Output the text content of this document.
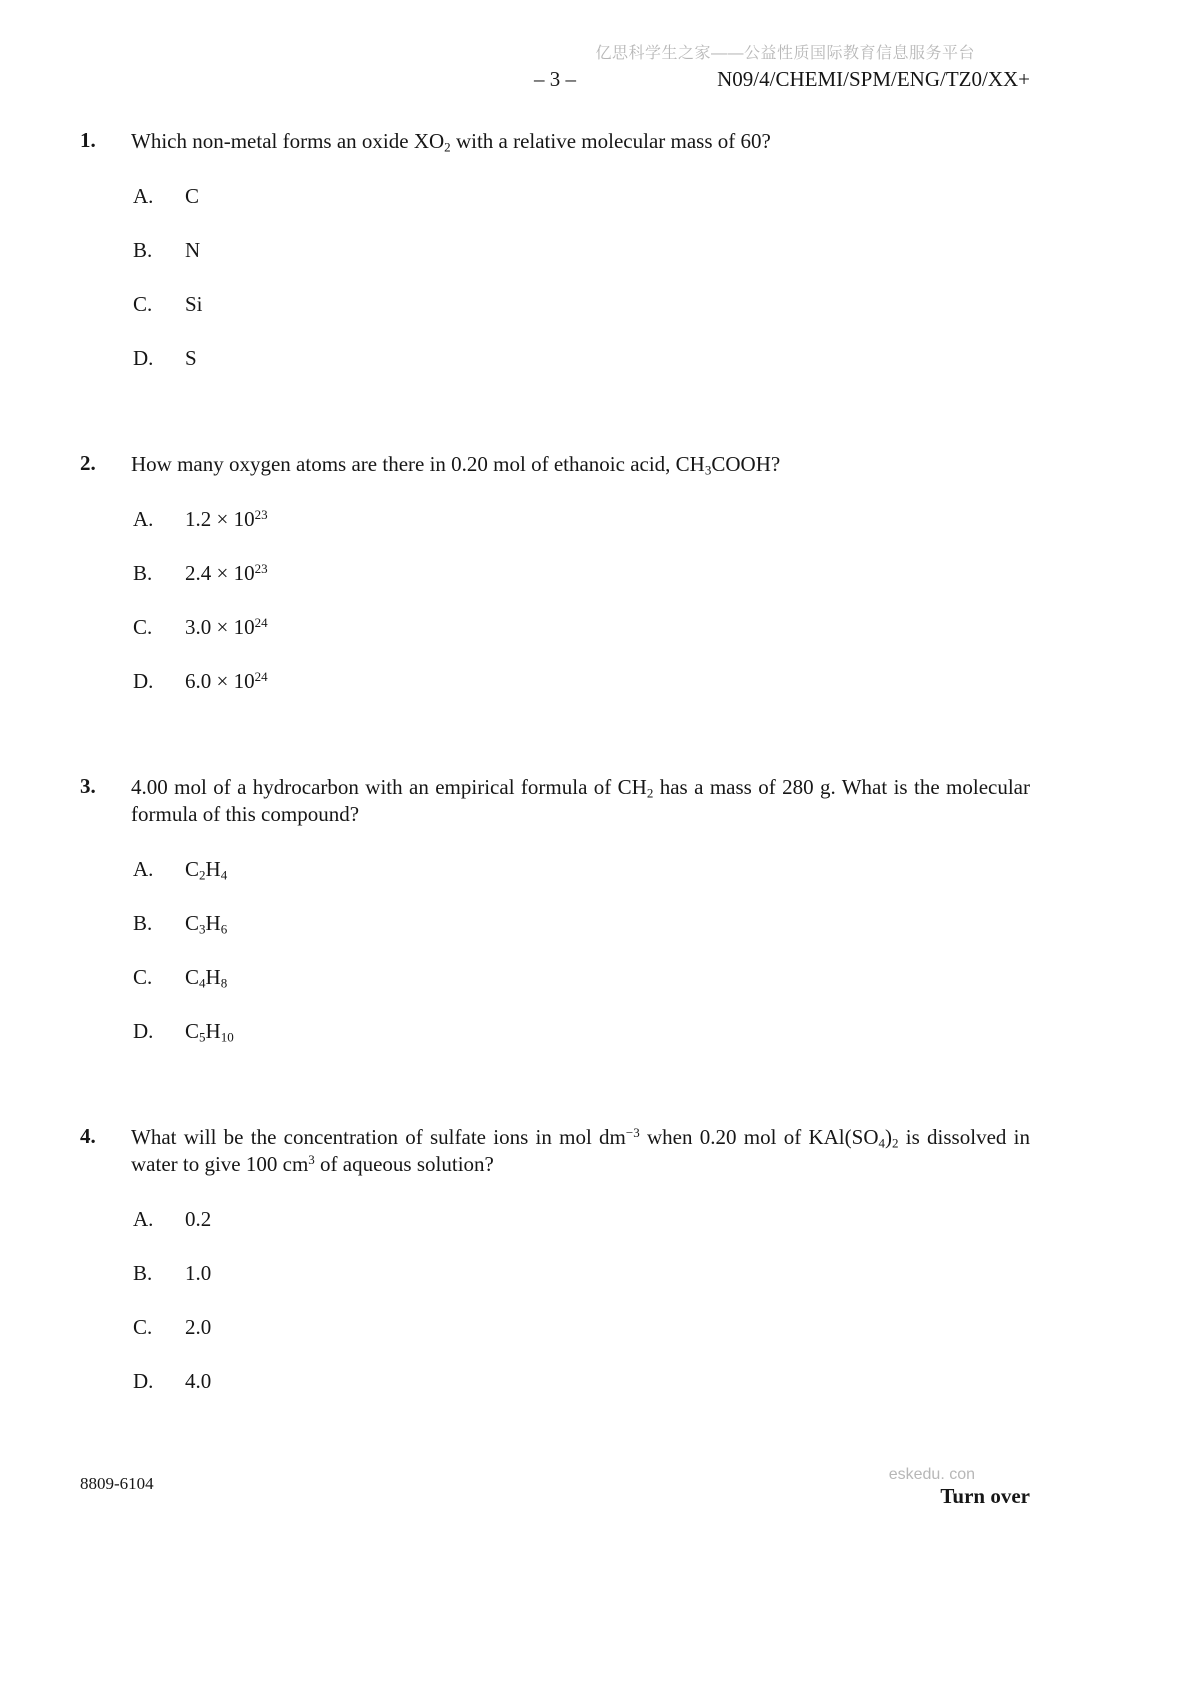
亿思科学生之家——公益性质国际教育信息服务平台
– 3 –	N09/4/CHEMI/SPM/ENG/TZ0/XX+
1.	Which non-metal forms an oxide $XO_2$ with a relative molecular mass of 60?
A.	C
B.	N
C.	Si
D.	S
2.	How many oxygen atoms are there in 0.20 mol of ethanoic acid, $CH_3COOH$?
A.	$1.2 \times 10^{23}$
B.	$2.4 \times 10^{23}$
C.	$3.0 \times 10^{24}$
D.	$6.0 \times 10^{24}$
3.	4.00 mol of a hydrocarbon with an empirical formula of $CH_2$ has a mass of 280 g. What is the molecular formula of this compound?
A.	$C_2H_4$
B.	$C_3H_6$
C.	$C_4H_8$
D.	$C_5H_{10}$
4.	What will be the concentration of sulfate ions in mol $dm^{-3}$ when 0.20 mol of $KAl(SO_4)_2$ is dissolved in water to give 100 $cm^3$ of aqueous solution?
A.	0.2
B.	1.0
C.	2.0
D.	4.0
8809-6104	eskedu. con
Turn over
